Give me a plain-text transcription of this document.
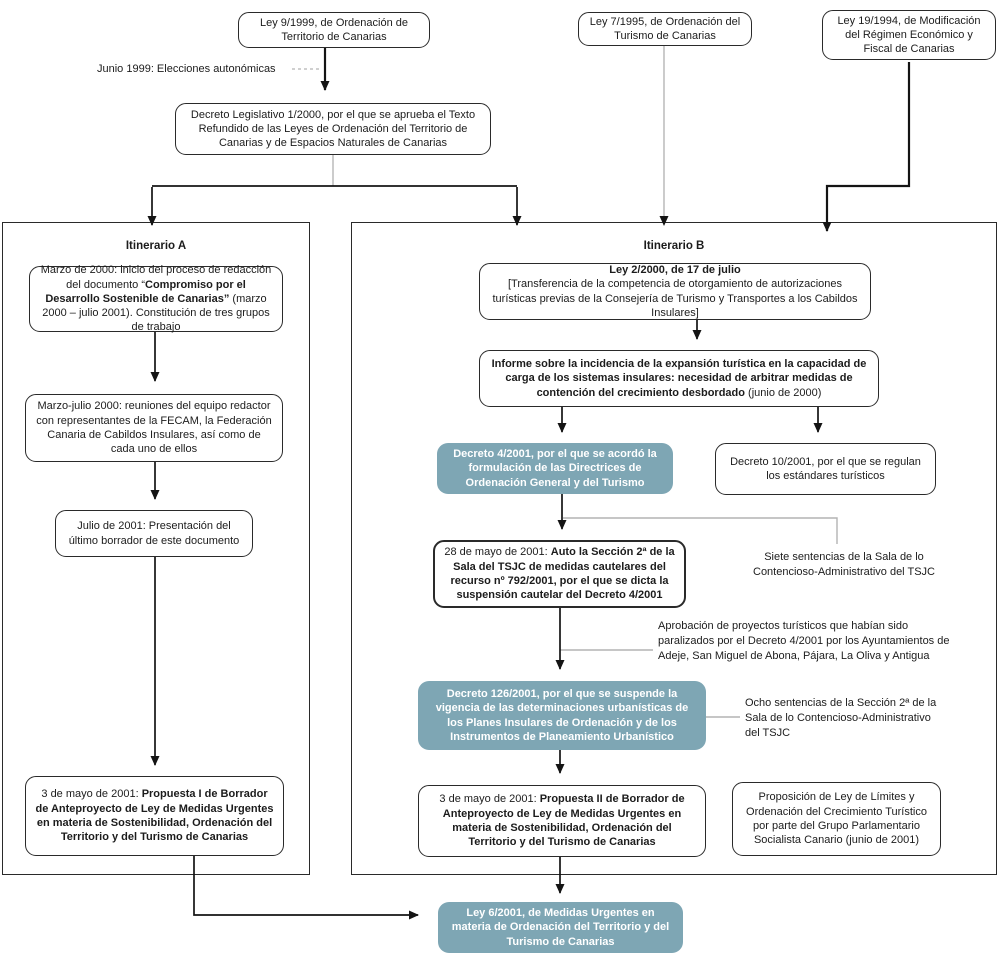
Ley 9/1999, de Ordenación de Territorio de Canarias
Junio 1999: Elecciones autonómicas
Decreto Legislativo 1/2000, por el que se aprueba el Texto Refundido de las Leyes de Ordenación del Territorio de Canarias y de Espacios Naturales de Canarias
Ley 7/1995, de Ordenación del Turismo de Canarias
Ley 19/1994, de Modificación del Régimen Económico y Fiscal de Canarias
Itinerario A
Marzo de 2000: inicio del proceso de redacción del documento “Compromiso por el Desarrollo Sostenible de Canarias” (marzo 2000 – julio 2001). Constitución de tres grupos de trabajo
Marzo-julio 2000: reuniones del equipo redactor con representantes de la FECAM, la Federación Canaria de Cabildos Insulares, así como de cada uno de ellos
Julio de 2001: Presentación del último borrador de este documento
3 de mayo de 2001: Propuesta I de Borrador de Anteproyecto de Ley de Medidas Urgentes en materia de Sostenibilidad, Ordenación del Territorio y del Turismo de Canarias
Itinerario B
Ley 2/2000, de 17 de julio
[Transferencia de la competencia de otorgamiento de autorizaciones turísticas previas de la Consejería de Turismo y Transportes a los Cabildos Insulares]
Informe sobre la incidencia de la expansión turística en la capacidad de carga de los sistemas insulares: necesidad de arbitrar medidas de contención del crecimiento desbordado (junio de 2000)
Decreto 4/2001, por el que se acordó la formulación de las Directrices de Ordenación General y del Turismo
Decreto 10/2001, por el que se regulan los estándares turísticos
28 de mayo de 2001: Auto la Sección 2ª de la Sala del TSJC de medidas cautelares del recurso nº 792/2001, por el que se dicta la suspensión cautelar del Decreto 4/2001
Siete sentencias de la Sala de lo Contencioso-Administrativo del TSJC
Aprobación de proyectos turísticos que habían sido paralizados por el Decreto 4/2001 por los Ayuntamientos de Adeje, San Miguel de Abona, Pájara, La Oliva y Antigua
Decreto 126/2001, por el que se suspende la vigencia de las determinaciones urbanísticas de los Planes Insulares de Ordenación y de los Instrumentos de Planeamiento Urbanístico
Ocho sentencias de la Sección 2ª de la Sala de lo Contencioso-Administrativo del TSJC
3 de mayo de 2001: Propuesta II de Borrador de Anteproyecto de Ley de Medidas Urgentes en materia de Sostenibilidad, Ordenación del Territorio y del Turismo de Canarias
Proposición de Ley de Límites y Ordenación del Crecimiento Turístico por parte del Grupo Parlamentario Socialista Canario (junio de 2001)
Ley 6/2001, de Medidas Urgentes en materia de Ordenación del Territorio y del Turismo de Canarias
